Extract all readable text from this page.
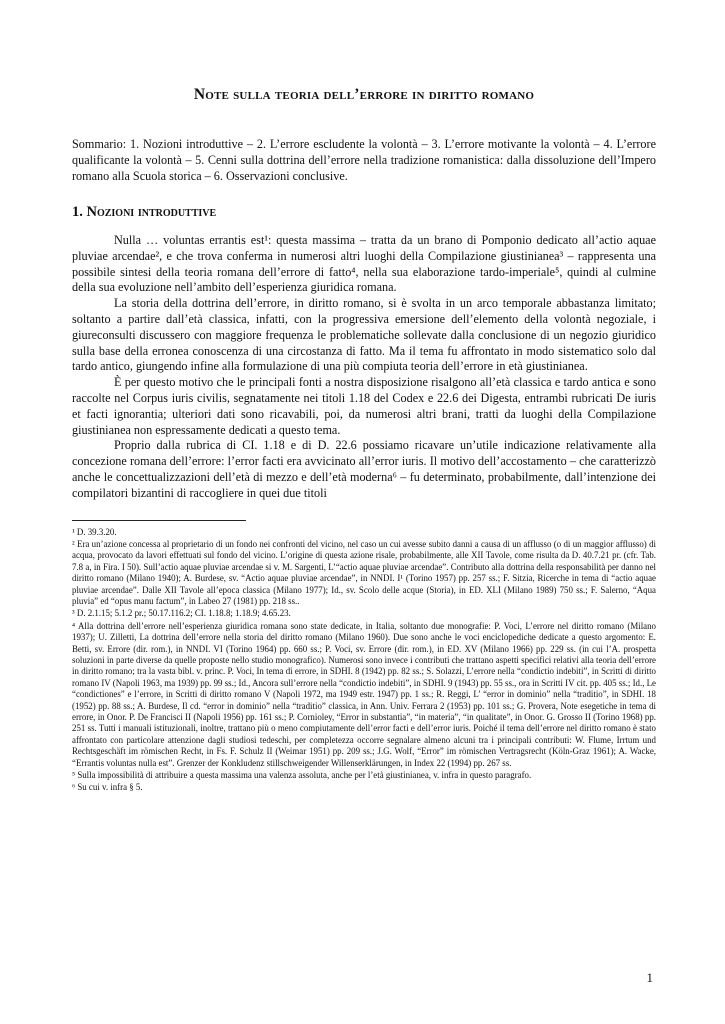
Note sulla teoria dell’errore in diritto romano

Sommario: 1. Nozioni introduttive – 2. L’errore escludente la volontà – 3. L’errore motivante la volontà – 4. L’errore qualificante la volontà – 5. Cenni sulla dottrina dell’errore nella tradizione romanistica: dalla dissoluzione dell’Impero romano alla Scuola storica – 6. Osservazioni conclusive.

1. Nozioni introduttive

Nulla … voluntas errantis est¹: questa massima – tratta da un brano di Pomponio dedicato all’actio aquae pluviae arcendae², e che trova conferma in numerosi altri luoghi della Compilazione giustinianea³ – rappresenta una possibile sintesi della teoria romana dell’errore di fatto⁴, nella sua elaborazione tardo-imperiale⁵, quindi al culmine della sua evoluzione nell’ambito dell’esperienza giuridica romana.

La storia della dottrina dell’errore, in diritto romano, si è svolta in un arco temporale abbastanza limitato; soltanto a partire dall’età classica, infatti, con la progressiva emersione dell’elemento della volontà negoziale, i giureconsulti discussero con maggiore frequenza le problematiche sollevate dalla conclusione di un negozio giuridico sulla base della erronea conoscenza di una circostanza di fatto. Ma il tema fu affrontato in modo sistematico solo dal tardo antico, giungendo infine alla formulazione di una più compiuta teoria dell’errore in età giustinianea.

È per questo motivo che le principali fonti a nostra disposizione risalgono all’età classica e tardo antica e sono raccolte nel Corpus iuris civilis, segnatamente nei titoli 1.18 del Codex e 22.6 dei Digesta, entrambi rubricati De iuris et facti ignorantia; ulteriori dati sono ricavabili, poi, da numerosi altri brani, tratti da luoghi della Compilazione giustinianea non espressamente dedicati a questo tema.

Proprio dalla rubrica di CI. 1.18 e di D. 22.6 possiamo ricavare un’utile indicazione relativamente alla concezione romana dell’errore: l’error facti era avvicinato all’error iuris. Il motivo dell’accostamento – che caratterizzò anche le concettualizzazioni dell’età di mezzo e dell’età moderna⁶ – fu determinato, probabilmente, dall’intenzione dei compilatori bizantini di raccogliere in quei due titoli

¹ D. 39.3.20.

² Era un’azione concessa al proprietario di un fondo nei confronti del vicino, nel caso un cui avesse subito danni a causa di un afflusso (o di un maggior afflusso) di acqua, provocato da lavori effettuati sul fondo del vicino. L’origine di questa azione risale, probabilmente, alle XII Tavole, come risulta da D. 40.7.21 pr. (cfr. Tab. 7.8 a, in Fira. I 50). Sull’actio aquae pluviae arcendae si v. M. Sargenti, L’“actio aquae pluviae arcendae”. Contributo alla dottrina della responsabilità per danno nel diritto romano (Milano 1940); A. Burdese, sv. “Actio aquae pluviae arcendae”, in NNDI. I¹ (Torino 1957) pp. 257 ss.; F. Sitzia, Ricerche in tema di “actio aquae pluviae arcendae”. Dalle XII Tavole all’epoca classica (Milano 1977); Id., sv. Scolo delle acque (Storia), in ED. XLI (Milano 1989) 750 ss.; F. Salerno, “Aqua pluvia” ed “opus manu factum”, in Labeo 27 (1981) pp. 218 ss..

³ D. 2.1.15; 5.1.2 pr.; 50.17.116.2; CI. 1.18.8; 1.18.9; 4.65.23.

⁴ Alla dottrina dell’errore nell’esperienza giuridica romana sono state dedicate, in Italia, soltanto due monografie: P. Voci, L’errore nel diritto romano (Milano 1937); U. Zilletti, La dottrina dell’errore nella storia del diritto romano (Milano 1960). Due sono anche le voci enciclopediche dedicate a questo argomento: E. Betti, sv. Errore (dir. rom.), in NNDI. VI (Torino 1964) pp. 660 ss.; P. Voci, sv. Errore (dir. rom.), in ED. XV (Milano 1966) pp. 229 ss. (in cui l’A. prospetta soluzioni in parte diverse da quelle proposte nello studio monografico). Numerosi sono invece i contributi che trattano aspetti specifici relativi alla teoria dell’errore in diritto romano; tra la vasta bibl. v. princ. P. Voci, In tema di errore, in SDHI. 8 (1942) pp. 82 ss.; S. Solazzi, L’errore nella “condictio indebiti”, in Scritti di diritto romano IV (Napoli 1963, ma 1939) pp. 99 ss.; Id., Ancora sull’errore nella “condictio indebiti”, in SDHI. 9 (1943) pp. 55 ss., ora in Scritti IV cit. pp. 405 ss.; Id., Le “condictiones” e l’errore, in Scritti di diritto romano V (Napoli 1972, ma 1949 estr. 1947) pp. 1 ss.; R. Reggi, L’ “error in dominio” nella “traditio”, in SDHI. 18 (1952) pp. 88 ss.; A. Burdese, Il cd. “error in dominio” nella “traditio” classica, in Ann. Univ. Ferrara 2 (1953) pp. 101 ss.; G. Provera, Note esegetiche in tema di errore, in Onor. P. De Francisci II (Napoli 1956) pp. 161 ss.; P. Cornioley, “Error in substantia”, “in materia”, “in qualitate”, in Onor. G. Grosso II (Torino 1968) pp. 251 ss. Tutti i manuali istituzionali, inoltre, trattano più o meno compiutamente dell’error facti e dell’error iuris. Poiché il tema dell’errore nel diritto romano è stato affrontato con particolare attenzione dagli studiosi tedeschi, per completezza occorre segnalare almeno alcuni tra i principali contributi: W. Flume, Irrtum und Rechtsgeschäft im römischen Recht, in Fs. F. Schulz II (Weimar 1951) pp. 209 ss.; J.G. Wolf, “Error” im römischen Vertragsrecht (Köln-Graz 1961); A. Wacke, “Errantis voluntas nulla est”. Grenzer der Konkludenz stillschweigender Willenserklärungen, in Index 22 (1994) pp. 267 ss.

⁵ Sulla impossibilità di attribuire a questa massima una valenza assoluta, anche per l’età giustinianea, v. infra in questo paragrafo.

⁶ Su cui v. infra § 5.

1
